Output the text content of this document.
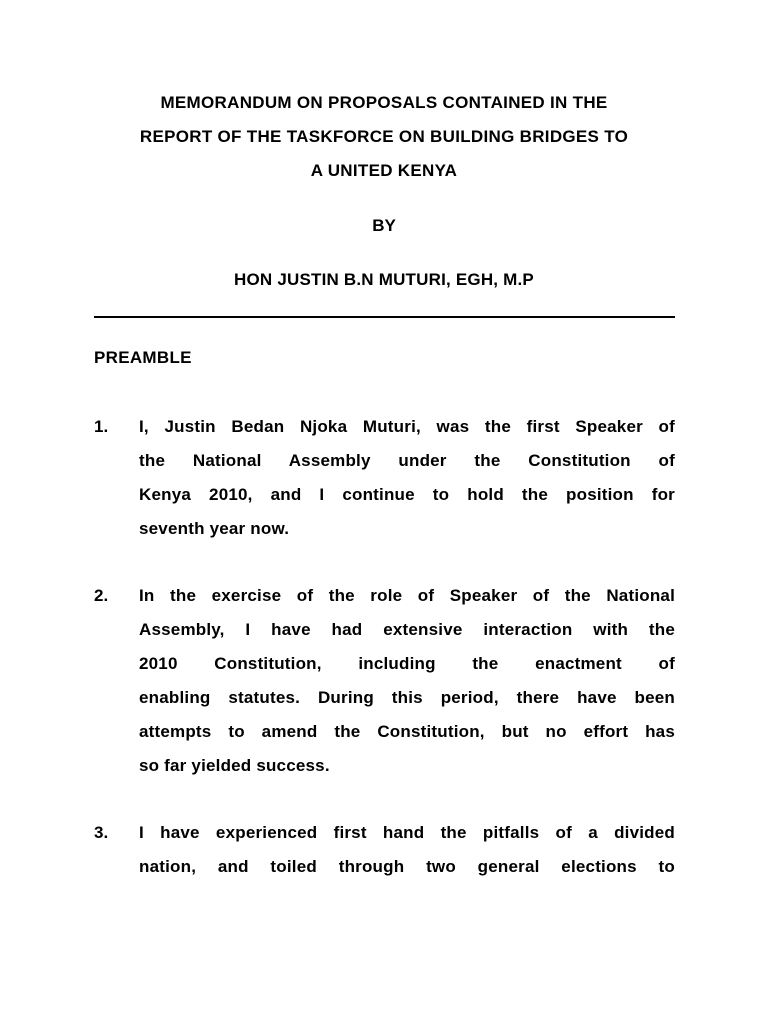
MEMORANDUM ON PROPOSALS CONTAINED IN THE
REPORT OF THE TASKFORCE ON BUILDING BRIDGES TO
A UNITED KENYA
BY
HON JUSTIN B.N MUTURI, EGH, M.P
PREAMBLE
1. I, Justin Bedan Njoka Muturi, was the first Speaker of
the National Assembly under the Constitution of
Kenya 2010, and I continue to hold the position for
seventh year now.
2. In the exercise of the role of Speaker of the National
Assembly, I have had extensive interaction with the
2010 Constitution, including the enactment of
enabling statutes. During this period, there have been
attempts to amend the Constitution, but no effort has
so far yielded success.
3. I have experienced first hand the pitfalls of a divided
nation, and toiled through two general elections to
